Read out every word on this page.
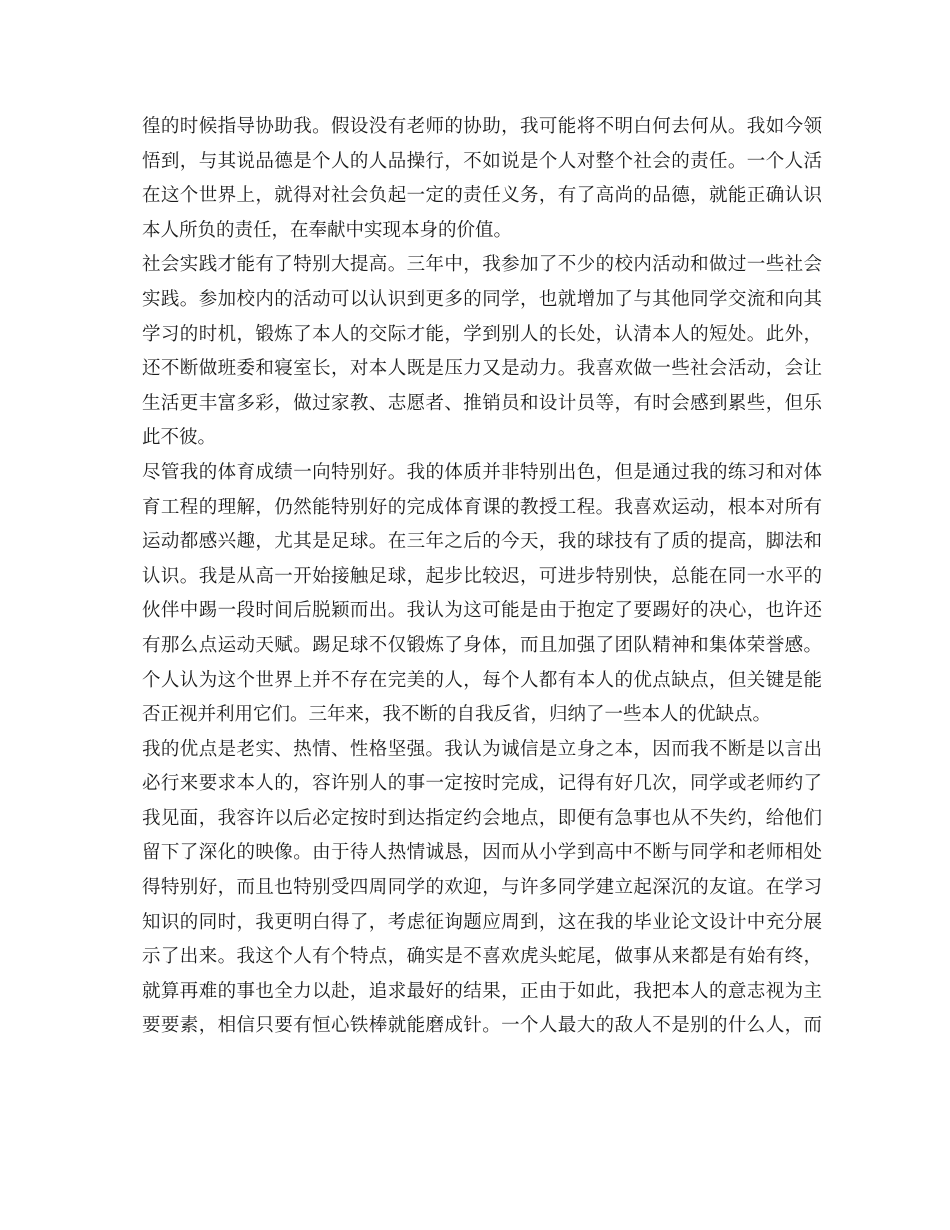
徨的时候指导协助我。假设没有老师的协助，我可能将不明白何去何从。我如今领
悟到，与其说品德是个人的人品操行，不如说是个人对整个社会的责任。一个人活
在这个世界上，就得对社会负起一定的责任义务，有了高尚的品德，就能正确认识
本人所负的责任，在奉献中实现本身的价值。
社会实践才能有了特别大提高。三年中，我参加了不少的校内活动和做过一些社会
实践。参加校内的活动可以认识到更多的同学，也就增加了与其他同学交流和向其
学习的时机，锻炼了本人的交际才能，学到别人的长处，认清本人的短处。此外，
还不断做班委和寝室长，对本人既是压力又是动力。我喜欢做一些社会活动，会让
生活更丰富多彩，做过家教、志愿者、推销员和设计员等，有时会感到累些，但乐
此不彼。
尽管我的体育成绩一向特别好。我的体质并非特别出色，但是通过我的练习和对体
育工程的理解，仍然能特别好的完成体育课的教授工程。我喜欢运动，根本对所有
运动都感兴趣，尤其是足球。在三年之后的今天，我的球技有了质的提高，脚法和
认识。我是从高一开始接触足球，起步比较迟，可进步特别快，总能在同一水平的
伙伴中踢一段时间后脱颖而出。我认为这可能是由于抱定了要踢好的决心，也许还
有那么点运动天赋。踢足球不仅锻炼了身体，而且加强了团队精神和集体荣誉感。
个人认为这个世界上并不存在完美的人，每个人都有本人的优点缺点，但关键是能
否正视并利用它们。三年来，我不断的自我反省，归纳了一些本人的优缺点。
我的优点是老实、热情、性格坚强。我认为诚信是立身之本，因而我不断是以言出
必行来要求本人的，容许别人的事一定按时完成，记得有好几次，同学或老师约了
我见面，我容许以后必定按时到达指定约会地点，即便有急事也从不失约，给他们
留下了深化的映像。由于待人热情诚恳，因而从小学到高中不断与同学和老师相处
得特别好，而且也特别受四周同学的欢迎，与许多同学建立起深沉的友谊。在学习
知识的同时，我更明白得了，考虑征询题应周到，这在我的毕业论文设计中充分展
示了出来。我这个人有个特点，确实是不喜欢虎头蛇尾，做事从来都是有始有终，
就算再难的事也全力以赴，追求最好的结果，正由于如此，我把本人的意志视为主
要要素，相信只要有恒心铁棒就能磨成针。一个人最大的敌人不是别的什么人，而
